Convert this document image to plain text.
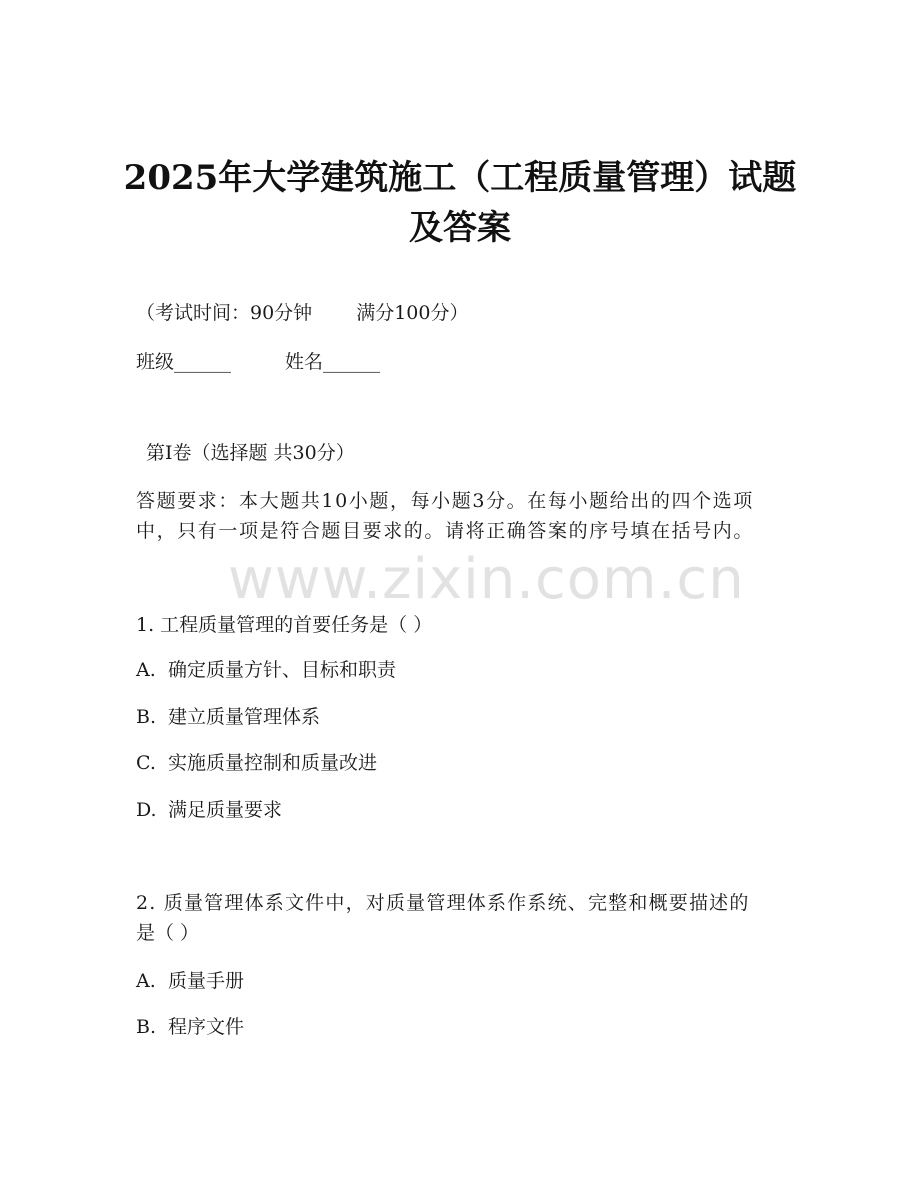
2025年大学建筑施工（工程质量管理）试题
及答案
（考试时间：90分钟 满分100分）
班级______	姓名______
第I卷（选择题 共30分）
答题要求：本大题共10小题，每小题3分。在每小题给出的四个选项
中，只有一项是符合题目要求的。请将正确答案的序号填在括号内。
www.zixin.com.cn
1. 工程质量管理的首要任务是（ ）
A. 确定质量方针、目标和职责
B. 建立质量管理体系
C. 实施质量控制和质量改进
D. 满足质量要求
2. 质量管理体系文件中，对质量管理体系作系统、完整和概要描述的
是（ ）
A. 质量手册
B. 程序文件
